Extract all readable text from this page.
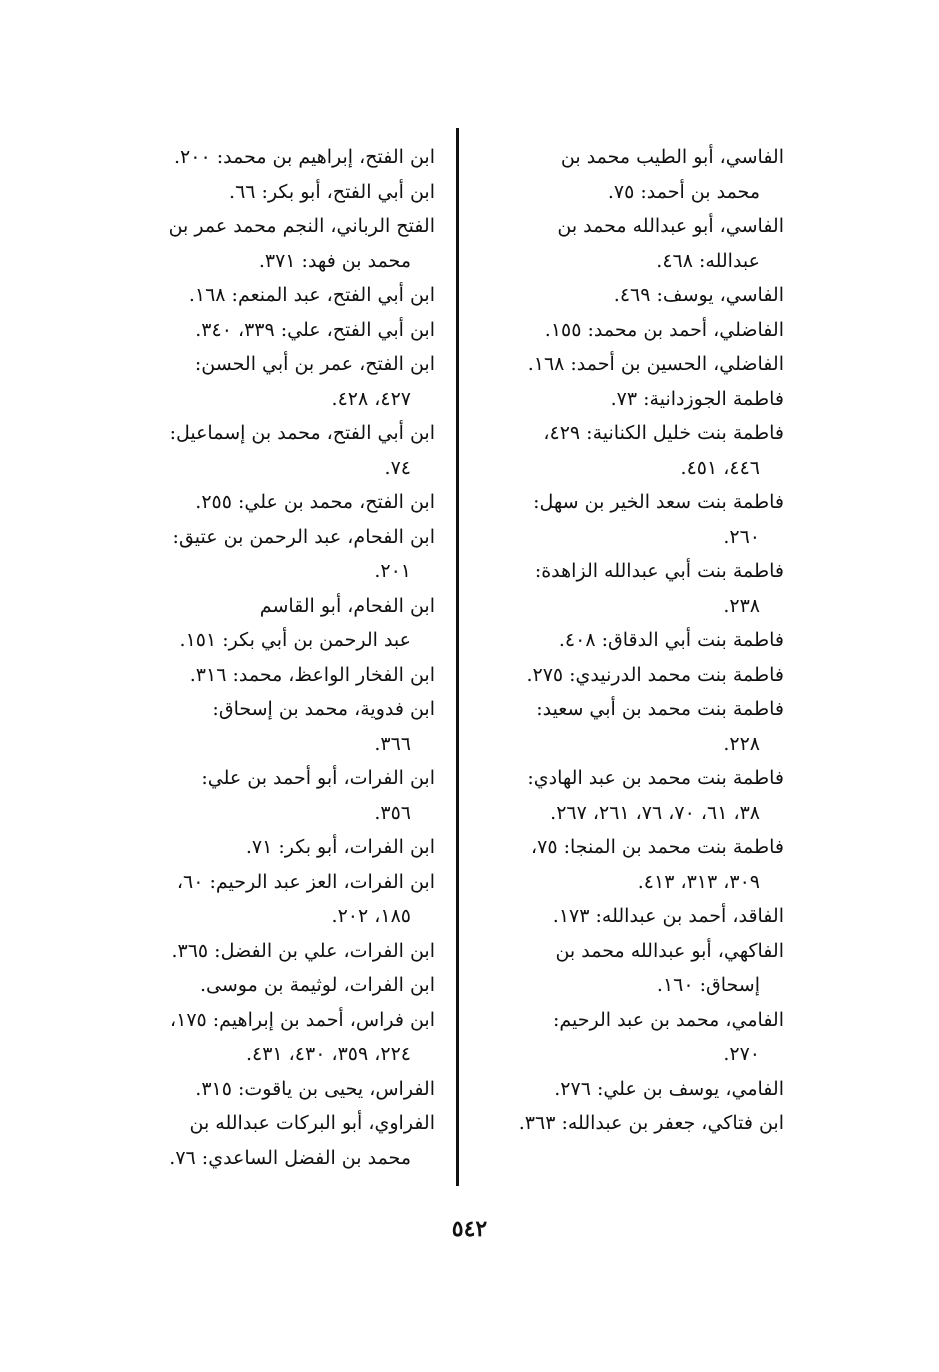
الفاسي، أبو الطيب محمد بن
محمد بن أحمد: ٧٥.

الفاسي، أبو عبدالله محمد بن
عبدالله: ٤٦٨.

الفاسي، يوسف: ٤٦٩.

الفاضلي، أحمد بن محمد: ١٥٥.

الفاضلي، الحسين بن أحمد: ١٦٨.

فاطمة الجوزدانية: ٧٣.

فاطمة بنت خليل الكنانية: ٤٢٩،
٤٤٦، ٤٥١.

فاطمة بنت سعد الخير بن سهل:
٢٦٠.

فاطمة بنت أبي عبدالله الزاهدة:
٢٣٨.

فاطمة بنت أبي الدقاق: ٤٠٨.

فاطمة بنت محمد الدرنيدي: ٢٧٥.

فاطمة بنت محمد بن أبي سعيد:
٢٢٨.

فاطمة بنت محمد بن عبد الهادي:
٣٨، ٦١، ٧٠، ٧٦، ٢٦١، ٢٦٧.

فاطمة بنت محمد بن المنجا: ٧٥،
٣٠٩، ٣١٣، ٤١٣.

الفاقد، أحمد بن عبدالله: ١٧٣.

الفاكهي، أبو عبدالله محمد بن
إسحاق: ١٦٠.

الفامي، محمد بن عبد الرحيم:
٢٧٠.

الفامي، يوسف بن علي: ٢٧٦.

ابن فتاكي، جعفر بن عبدالله: ٣٦٣.

ابن الفتح، إبراهيم بن محمد: ٢٠٠.

ابن أبي الفتح، أبو بكر: ٦٦.

الفتح الرباني، النجم محمد عمر بن
محمد بن فهد: ٣٧١.

ابن أبي الفتح، عبد المنعم: ١٦٨.

ابن أبي الفتح، علي: ٣٣٩، ٣٤٠.

ابن الفتح، عمر بن أبي الحسن:
٤٢٧، ٤٢٨.

ابن أبي الفتح، محمد بن إسماعيل:
٧٤.

ابن الفتح، محمد بن علي: ٢٥٥.

ابن الفحام، عبد الرحمن بن عتيق:
٢٠١.

ابن الفحام، أبو القاسم
عبد الرحمن بن أبي بكر: ١٥١.

ابن الفخار الواعظ، محمد: ٣١٦.

ابن فدوية، محمد بن إسحاق:
٣٦٦.

ابن الفرات، أبو أحمد بن علي:
٣٥٦.

ابن الفرات، أبو بكر: ٧١.

ابن الفرات، العز عبد الرحيم: ٦٠،
١٨٥، ٢٠٢.

ابن الفرات، علي بن الفضل: ٣٦٥.

ابن الفرات، لوثيمة بن موسى.

ابن فراس، أحمد بن إبراهيم: ١٧٥،
٢٢٤، ٣٥٩، ٤٣٠، ٤٣١.

الفراس، يحيى بن ياقوت: ٣١٥.

الفراوي، أبو البركات عبدالله بن
محمد بن الفضل الساعدي: ٧٦.

٥٤٢
